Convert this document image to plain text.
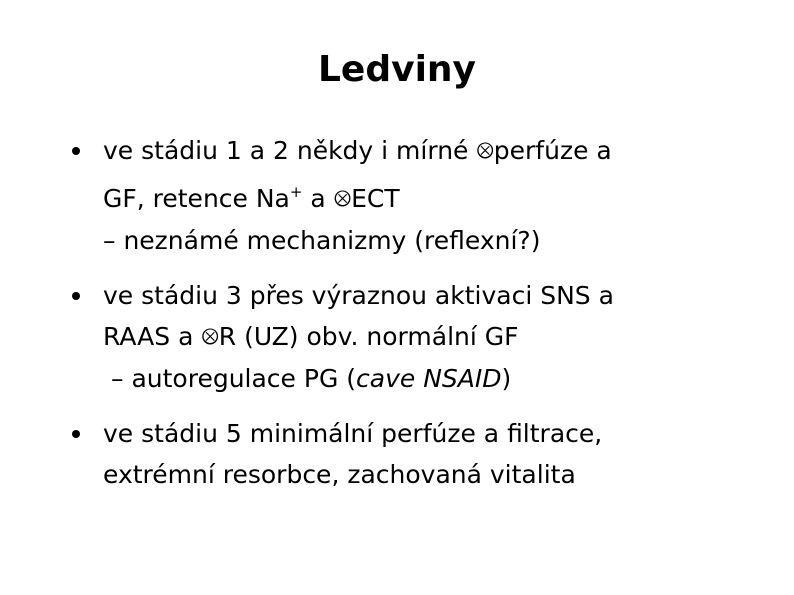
Ledviny
ve stádiu 1 a 2 někdy i mírné ⮾perfúze a
GF, retence Na+ a ⮾ECT
– neznámé mechanizmy (reflexní?)
ve stádiu 3 přes výraznou aktivaci SNS a
RAAS a ⮾R (UZ) obv. normální GF
– autoregulace PG (cave NSAID)
ve stádiu 5 minimální perfúze a filtrace,
extrémní resorbce, zachovaná vitalita
